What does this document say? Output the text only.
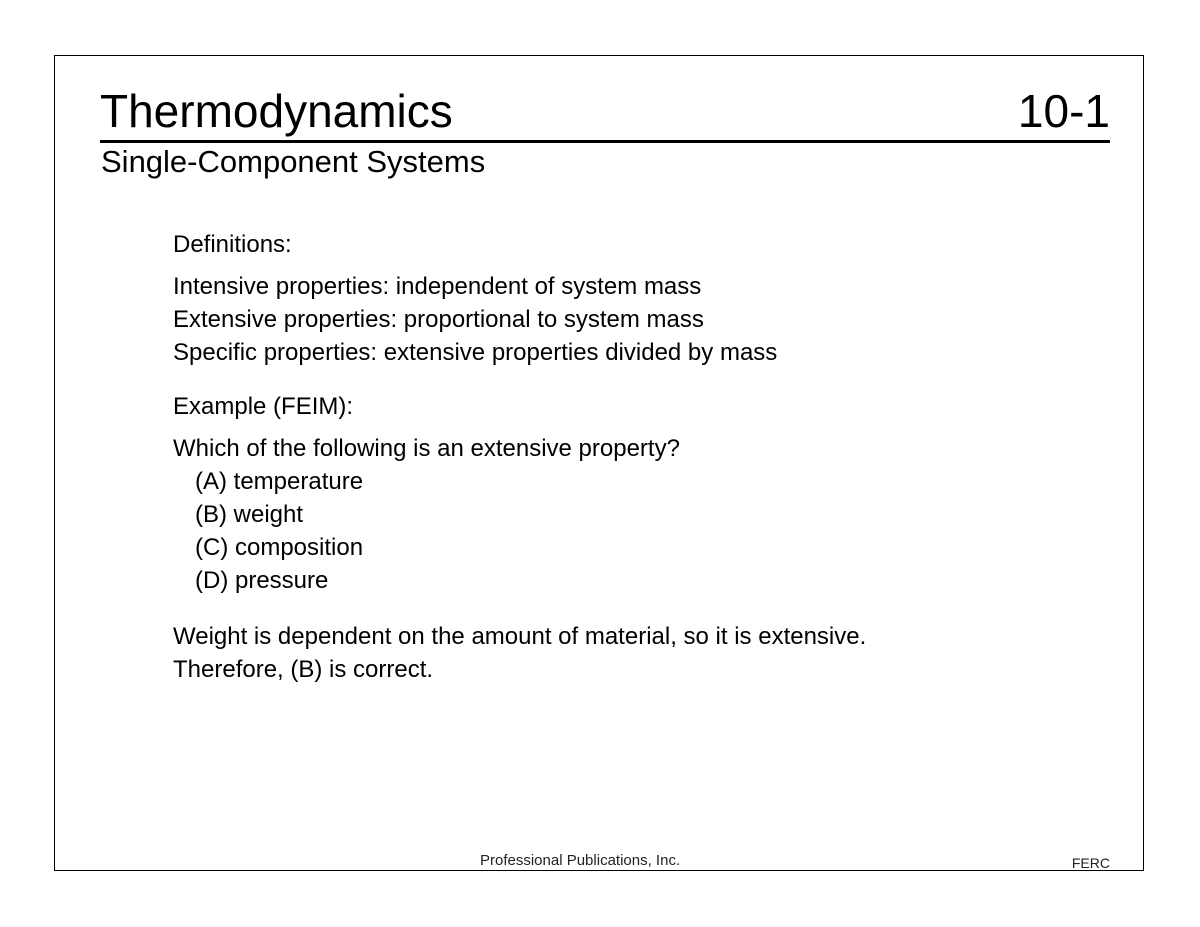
Thermodynamics	10-1
Single-Component Systems
Definitions:
Intensive properties: independent of system mass
Extensive properties: proportional to system mass
Specific properties: extensive properties divided by mass
Example (FEIM):
Which of the following is an extensive property?
(A) temperature
(B) weight
(C) composition
(D) pressure
Weight is dependent on the amount of material, so it is extensive.
Therefore, (B) is correct.
Professional Publications, Inc.	FERC
